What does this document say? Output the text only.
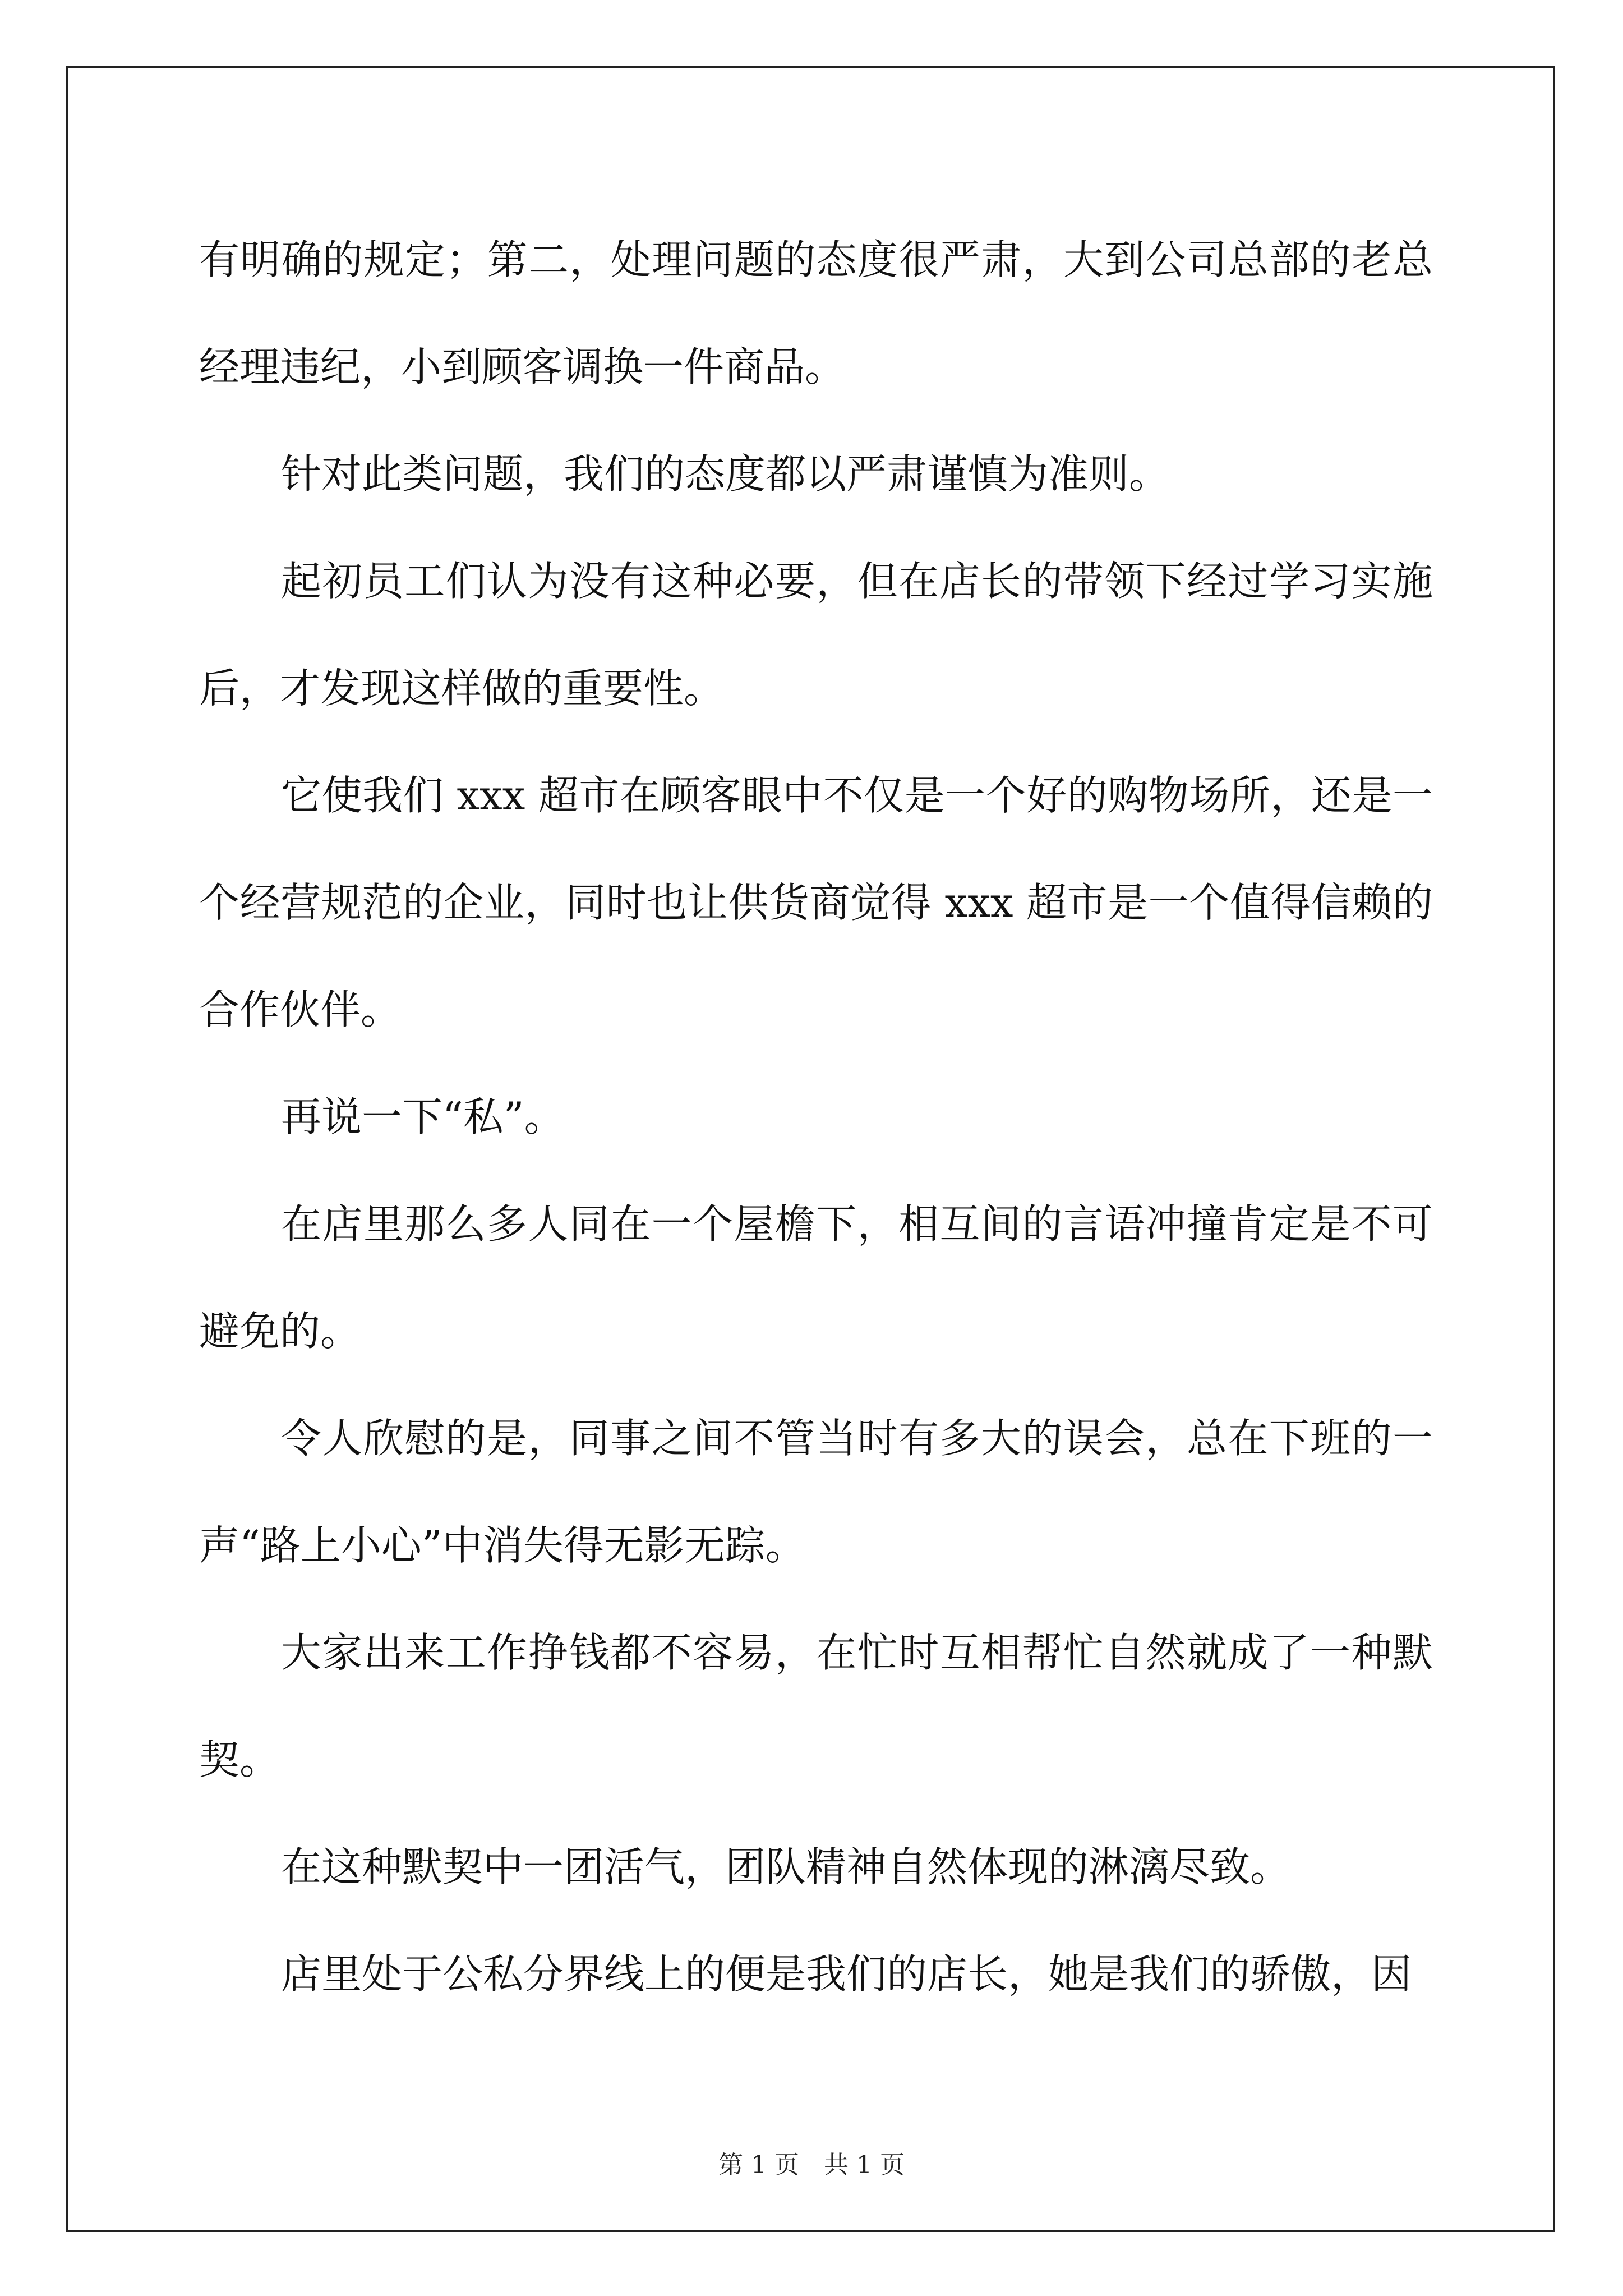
有明确的规定；第二，处理问题的态度很严肃，大到公司总部的老总经理违纪，小到顾客调换一件商品。

针对此类问题，我们的态度都以严肃谨慎为准则。

起初员工们认为没有这种必要，但在店长的带领下经过学习实施后，才发现这样做的重要性。

它使我们 xxx 超市在顾客眼中不仅是一个好的购物场所，还是一个经营规范的企业，同时也让供货商觉得 xxx 超市是一个值得信赖的合作伙伴。

再说一下“私”。

在店里那么多人同在一个屋檐下，相互间的言语冲撞肯定是不可避免的。

令人欣慰的是，同事之间不管当时有多大的误会，总在下班的一声“路上小心”中消失得无影无踪。

大家出来工作挣钱都不容易，在忙时互相帮忙自然就成了一种默契。

在这种默契中一团活气，团队精神自然体现的淋漓尽致。

店里处于公私分界线上的便是我们的店长，她是我们的骄傲，因

第 1 页　共 1 页
